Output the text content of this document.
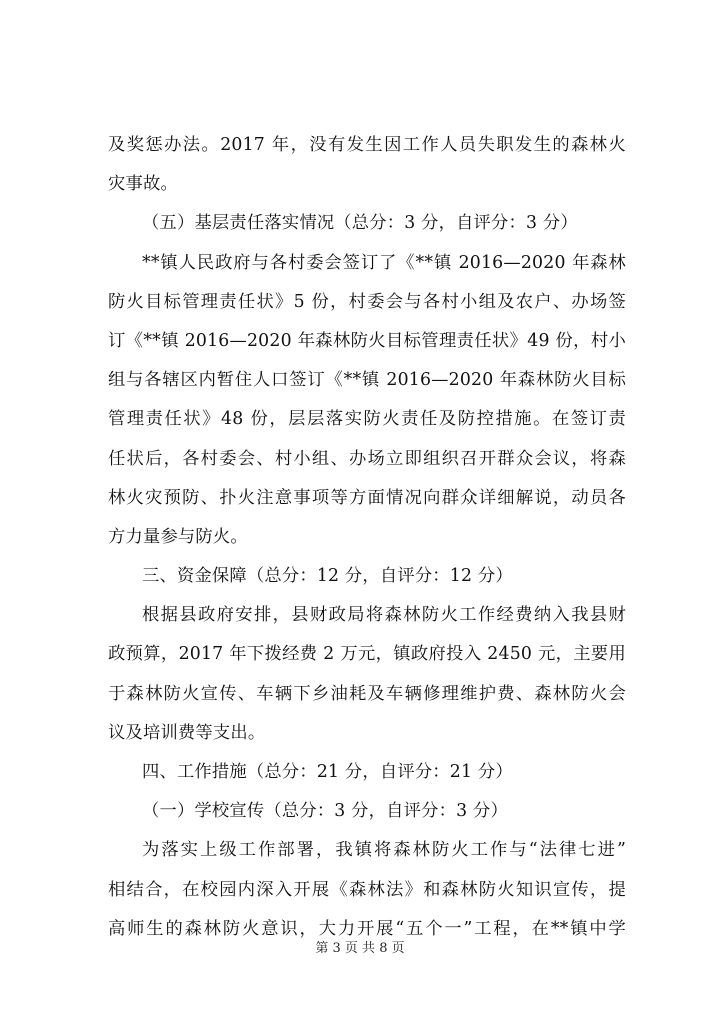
及奖惩办法。2017 年，没有发生因工作人员失职发生的森林火
灾事故。
（五）基层责任落实情况（总分：3 分，自评分：3 分）
**镇人民政府与各村委会签订了《**镇 2016—2020 年森林
防火目标管理责任状》5 份，村委会与各村小组及农户、办场签
订《**镇 2016—2020 年森林防火目标管理责任状》49 份，村小
组与各辖区内暂住人口签订《**镇 2016—2020 年森林防火目标
管理责任状》48 份，层层落实防火责任及防控措施。在签订责
任状后，各村委会、村小组、办场立即组织召开群众会议，将森
林火灾预防、扑火注意事项等方面情况向群众详细解说，动员各
方力量参与防火。
三、资金保障（总分：12 分，自评分：12 分）
根据县政府安排，县财政局将森林防火工作经费纳入我县财
政预算，2017 年下拨经费 2 万元，镇政府投入 2450 元，主要用
于森林防火宣传、车辆下乡油耗及车辆修理维护费、森林防火会
议及培训费等支出。
四、工作措施（总分：21 分，自评分：21 分）
（一）学校宣传（总分：3 分，自评分：3 分）
为落实上级工作部署，我镇将森林防火工作与“法律七进”
相结合，在校园内深入开展《森林法》和森林防火知识宣传，提
高师生的森林防火意识，大力开展“五个一”工程，在**镇中学
第 3 页 共 8 页
